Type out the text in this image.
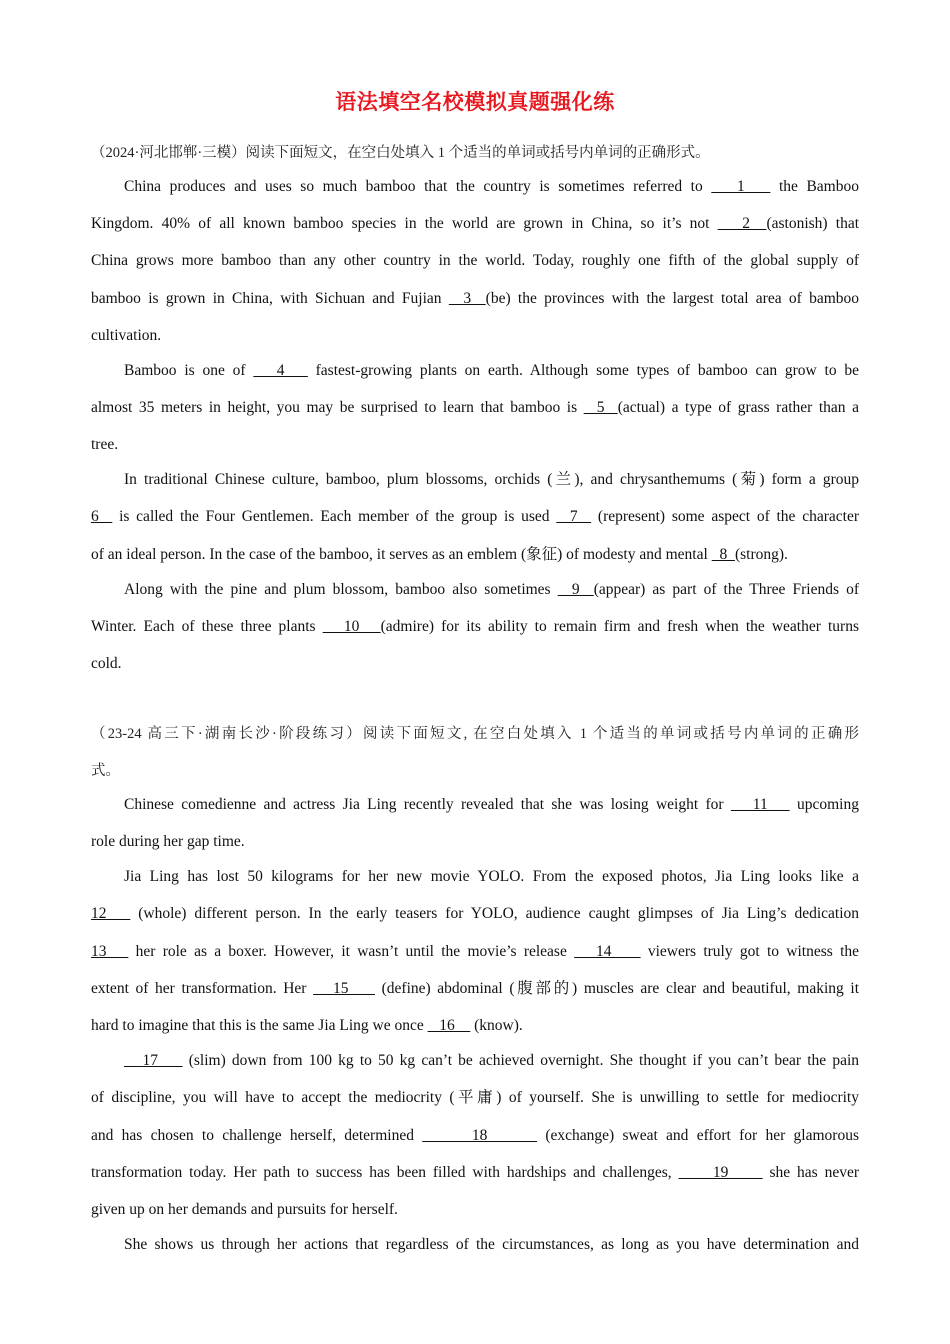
语法填空名校模拟真题强化练
（2024·河北邯郸·三模）阅读下面短文，在空白处填入 1 个适当的单词或括号内单词的正确形式。
China produces and uses so much bamboo that the country is sometimes referred to    1    the Bamboo
Kingdom. 40% of all known bamboo species in the world are grown in China, so it’s not    2  (astonish) that
China grows more bamboo than any other country in the world. Today, roughly one fifth of the global supply of
bamboo is grown in China, with Sichuan and Fujian   3  (be) the provinces with the largest total area of bamboo
cultivation.
Bamboo is one of    4    fastest-growing plants on earth. Although some types of bamboo can grow to be
almost 35 meters in height, you may be surprised to learn that bamboo is   5  (actual) a type of grass rather than a
tree.
In traditional Chinese culture, bamboo, plum blossoms, orchids (兰), and chrysanthemums (菊) form a group
6   is called the Four Gentlemen. Each member of the group is used   7   (represent) some aspect of the character
of an ideal person. In the case of the bamboo, it serves as an emblem (象征) of modesty and mental   8  (strong).
Along with the pine and plum blossom, bamboo also sometimes   9  (appear) as part of the Three Friends of
Winter. Each of these three plants    10   (admire) for its ability to remain firm and fresh when the weather turns
cold.
（23-24 高三下·湖南长沙·阶段练习）阅读下面短文, 在空白处填入 1 个适当的单词或括号内单词的正确形
式。
Chinese comedienne and actress Jia Ling recently revealed that she was losing weight for    11    upcoming
role during her gap time.
Jia Ling has lost 50 kilograms for her new movie YOLO. From the exposed photos, Jia Ling looks like a
12    (whole) different person. In the early teasers for YOLO, audience caught glimpses of Jia Ling’s dedication
13    her role as a boxer. However, it wasn’t until the movie’s release    14     viewers truly got to witness the
extent of her transformation. Her    15     (define) abdominal (腹部的) muscles are clear and beautiful, making it
hard to imagine that this is the same Jia Ling we once    16     (know).
17     (slim) down from 100 kg to 50 kg can’t be achieved overnight. She thought if you can’t bear the pain
of discipline, you will have to accept the mediocrity (平庸) of yourself. She is unwilling to settle for mediocrity
and has chosen to challenge herself, determined       18       (exchange) sweat and effort for her glamorous
transformation today. Her path to success has been filled with hardships and challenges,      19      she has never
given up on her demands and pursuits for herself.
She shows us through her actions that regardless of the circumstances, as long as you have determination and
